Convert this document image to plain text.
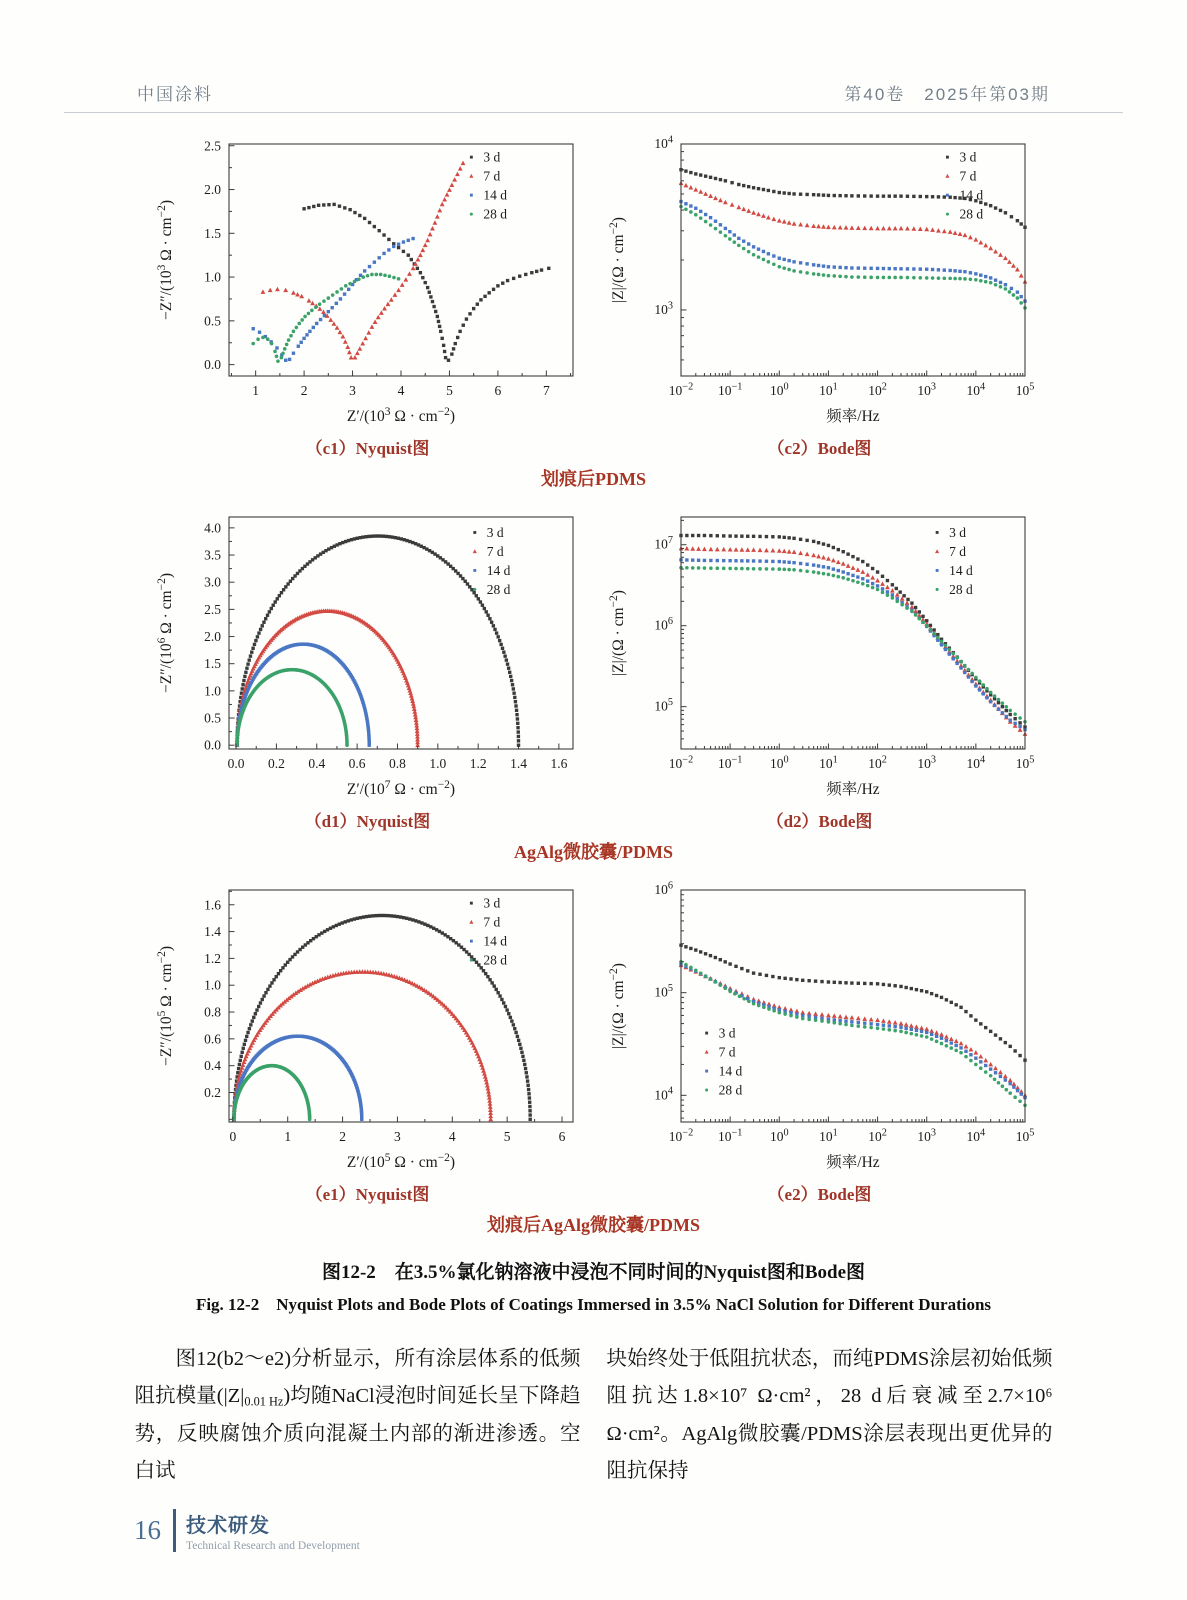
中国涂料	第40卷　2025年第03期
1	2	3	4	5	6	7
0.0
0.5
1.0
1.5
2.0
2.5
$Z'/(10^3$ $\Omega \cdot cm^{-2}$)
$-Z''/(10^3$ $\Omega \cdot cm^{-2}$)
3 d
7 d
14 d
28 d
（c1）Nyquist图
$10^{-2}$ $10^{-1}$ $10^0$ $10^1$ $10^2$ $10^3$ $10^4$ $10^5$
$10^3$
$10^4$
频率/Hz
$|Z|/(\Omega \cdot cm^{-2})$
3 d
7 d
14 d
28 d
（c2）Bode图
划痕后PDMS
0.0 0.2 0.4 0.6 0.8 1.0 1.2 1.4 1.6
0.0
0.5
1.0
1.5
2.0
2.5
3.0
3.5
4.0
$Z'/(10^7$ $\Omega \cdot cm^{-2}$)
$-Z''/(10^6$ $\Omega \cdot cm^{-2}$)
3 d
7 d
14 d
28 d
（d1）Nyquist图
$10^{-2}$ $10^{-1}$ $10^0$ $10^1$ $10^2$ $10^3$ $10^4$ $10^5$
$10^5$
$10^6$
$10^7$
频率/Hz
$|Z|/(\Omega \cdot cm^{-2})$
3 d
7 d
14 d
28 d
（d2）Bode图
AgAlg微胶囊/PDMS
0	1	2	3	4	5	6
0.2
0.4
0.6
0.8
1.0
1.2
1.4
1.6
$Z'/(10^5$ $\Omega \cdot cm^{-2}$)
$-Z''/(10^5$ $\Omega \cdot cm^{-2}$)
3 d
7 d
14 d
28 d
（e1）Nyquist图
$10^{-2}$ $10^{-1}$ $10^0$ $10^1$ $10^2$ $10^3$ $10^4$ $10^5$
$10^4$
$10^5$
$10^6$
频率/Hz
$|Z|/(\Omega \cdot cm^{-2})$
3 d
7 d
14 d
28 d
（e2）Bode图
划痕后AgAlg微胶囊/PDMS
图12-2　在3.5%氯化钠溶液中浸泡不同时间的Nyquist图和Bode图
Fig. 12-2　Nyquist Plots and Bode Plots of Coatings Immersed in 3.5% NaCl Solution for Different Durations

图12(b2～e2)分析显示，所有涂层体系的低频阻抗模量(|Z|0.01 Hz)均随NaCl浸泡时间延长呈下降趋势，反映腐蚀介质向混凝土内部的渐进渗透。空白试

块始终处于低阻抗状态，而纯PDMS涂层初始低频阻抗达1.8×10⁷ Ω·cm²，28 d后衰减至2.7×10⁶ Ω·cm²。AgAlg微胶囊/PDMS涂层表现出更优异的阻抗保持

16 技术研发
Technical Research and Development
